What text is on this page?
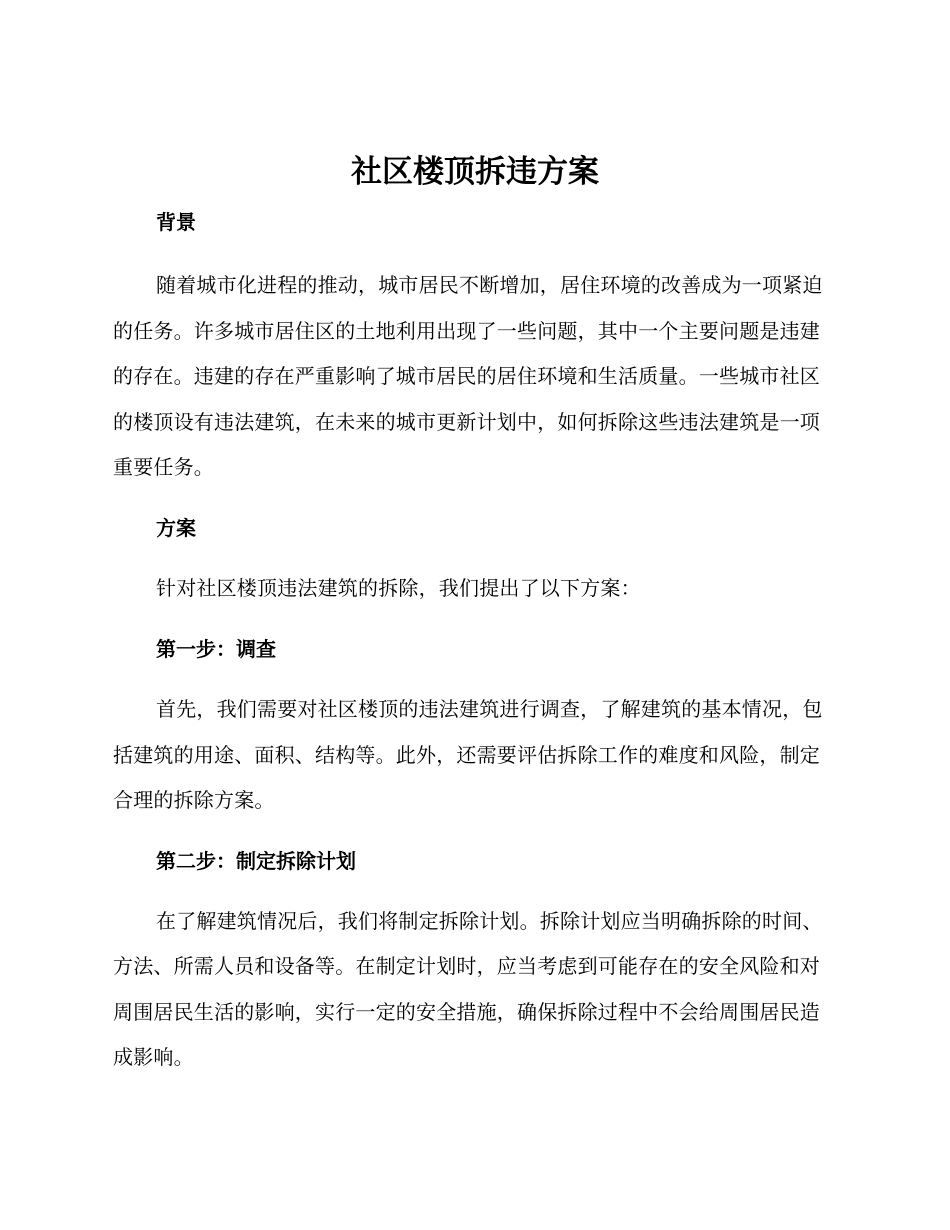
社区楼顶拆违方案

背景

随着城市化进程的推动，城市居民不断增加，居住环境的改善成为一项紧迫的任务。许多城市居住区的土地利用出现了一些问题，其中一个主要问题是违建的存在。违建的存在严重影响了城市居民的居住环境和生活质量。一些城市社区的楼顶设有违法建筑，在未来的城市更新计划中，如何拆除这些违法建筑是一项重要任务。

方案

针对社区楼顶违法建筑的拆除，我们提出了以下方案：

第一步：调查

首先，我们需要对社区楼顶的违法建筑进行调查，了解建筑的基本情况，包括建筑的用途、面积、结构等。此外，还需要评估拆除工作的难度和风险，制定合理的拆除方案。

第二步：制定拆除计划

在了解建筑情况后，我们将制定拆除计划。拆除计划应当明确拆除的时间、方法、所需人员和设备等。在制定计划时，应当考虑到可能存在的安全风险和对周围居民生活的影响，实行一定的安全措施，确保拆除过程中不会给周围居民造成影响。
